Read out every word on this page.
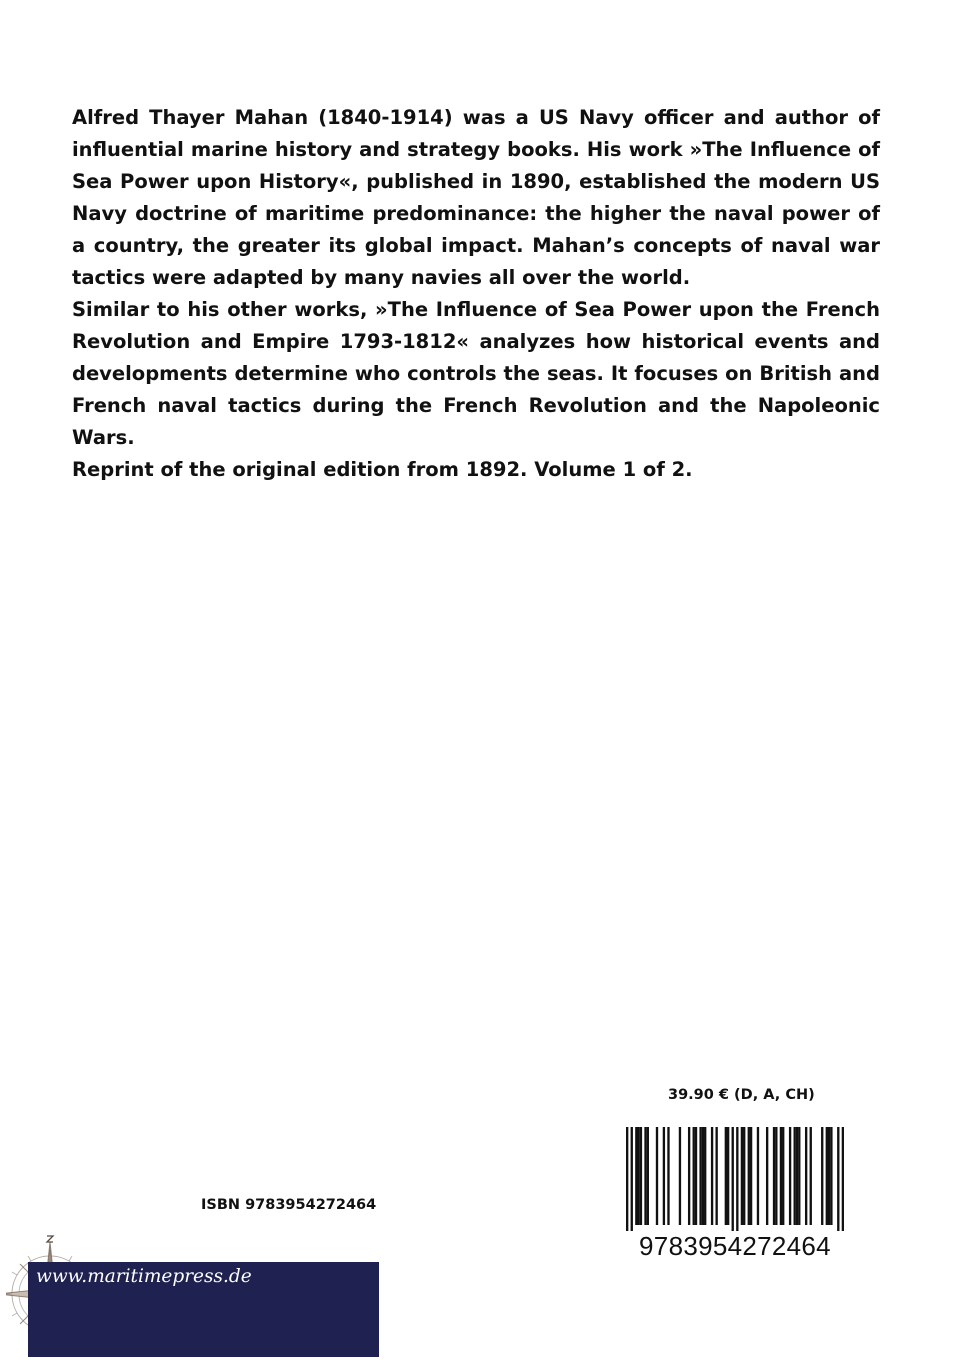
Alfred Thayer Mahan (1840-1914) was a US Navy officer and author of influential marine history and strategy books. His work »The Influence of Sea Power upon History«, published in 1890, established the modern US Navy doctrine of maritime predominance: the higher the naval power of a country, the greater its global impact. Mahan’s concepts of naval war tactics were adapted by many navies all over the world.

Similar to his other works, »The Influence of Sea Power upon the French Revolution and Empire 1793-1812« analyzes how historical events and developments determine who controls the seas. It focuses on British and French naval tactics during the French Revolution and the Napoleonic Wars.

Reprint of the original edition from 1892. Volume 1 of 2.

39.90 € (D, A, CH)
ISBN 9783954272464
9783954272464
www.maritimepress.de
